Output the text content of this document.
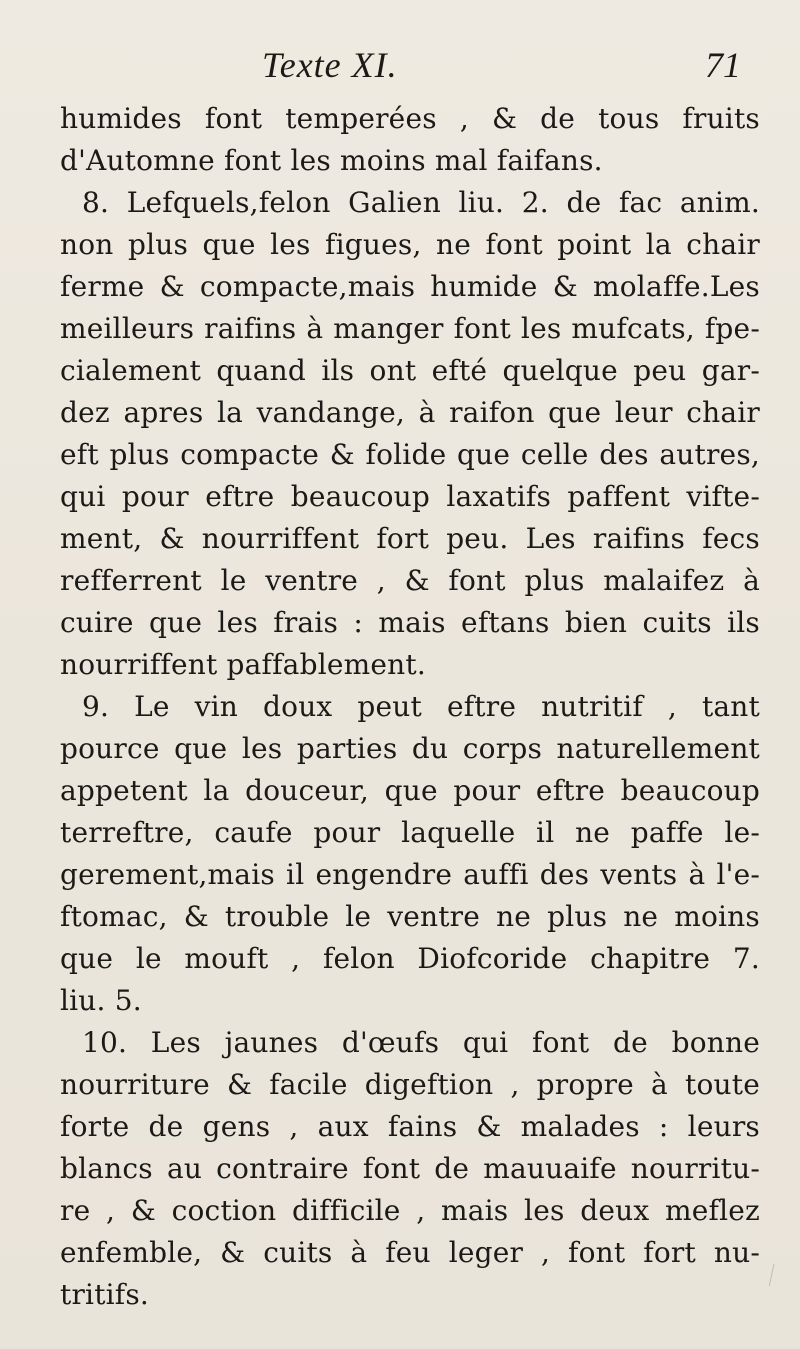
Texte XI.	71
humides font temperées , & de tous fruits
d'Automne font les moins mal faifans.
8. Lefquels,felon Galien liu. 2. de fac anim.
non plus que les figues, ne font point la chair
ferme & compacte,mais humide & molaffe.Les
meilleurs raifins à manger font les mufcats, fpe-
cialement quand ils ont efté quelque peu gar-
dez apres la vandange, à raifon que leur chair
eft plus compacte & folide que celle des autres,
qui pour eftre beaucoup laxatifs paffent vifte-
ment, & nourriffent fort peu. Les raifins fecs
refferrent le ventre , & font plus malaifez à
cuire que les frais : mais eftans bien cuits ils
nourriffent paffablement.
9. Le vin doux peut eftre nutritif , tant
pource que les parties du corps naturellement
appetent la douceur, que pour eftre beaucoup
terreftre, caufe pour laquelle il ne paffe le-
gerement,mais il engendre auffi des vents à l'e-
ftomac, & trouble le ventre ne plus ne moins
que le mouft , felon Diofcoride chapitre 7.
liu. 5.
10. Les jaunes d'œufs qui font de bonne
nourriture & facile digeftion , propre à toute
forte de gens , aux fains & malades : leurs
blancs au contraire font de mauuaife nourritu-
re , & coction difficile , mais les deux meflez
enfemble, & cuits à feu leger , font fort nu-
tritifs.
